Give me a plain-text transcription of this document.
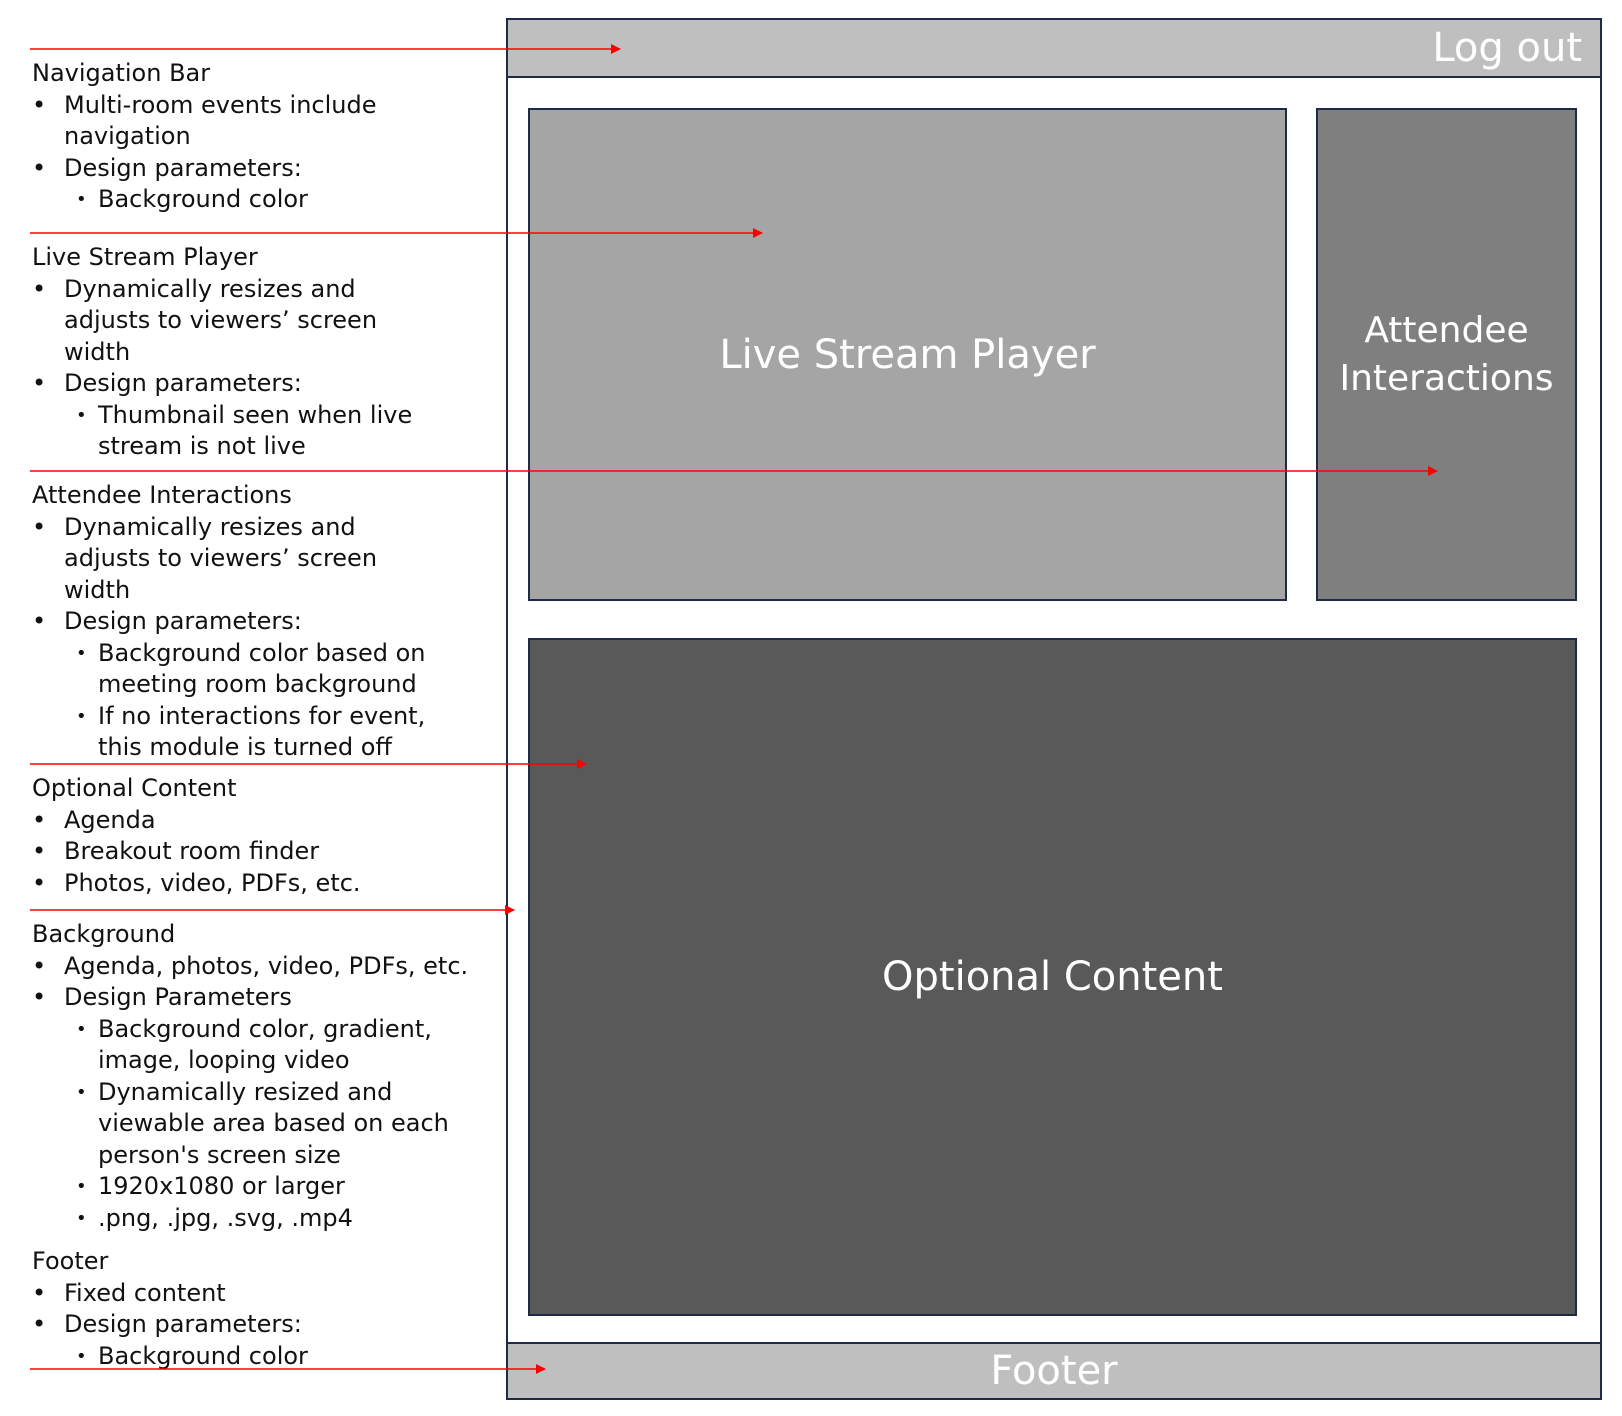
Navigation Bar
• Multi-room events include
navigation
• Design parameters:
• Background color
Live Stream Player
• Dynamically resizes and
adjusts to viewers’ screen
width
• Design parameters:
• Thumbnail seen when live
stream is not live
Attendee Interactions
• Dynamically resizes and
adjusts to viewers’ screen
width
• Design parameters:
• Background color based on
meeting room background
• If no interactions for event,
this module is turned off
Optional Content
• Agenda
• Breakout room finder
• Photos, video, PDFs, etc.
Background
• Agenda, photos, video, PDFs, etc.
• Design Parameters
• Background color, gradient,
image, looping video
• Dynamically resized and
viewable area based on each
person's screen size
• 1920x1080 or larger
• .png, .jpg, .svg, .mp4
Footer
• Fixed content
• Design parameters:
• Background color
Log out
Live Stream Player
Attendee
Interactions
Optional Content
Footer
